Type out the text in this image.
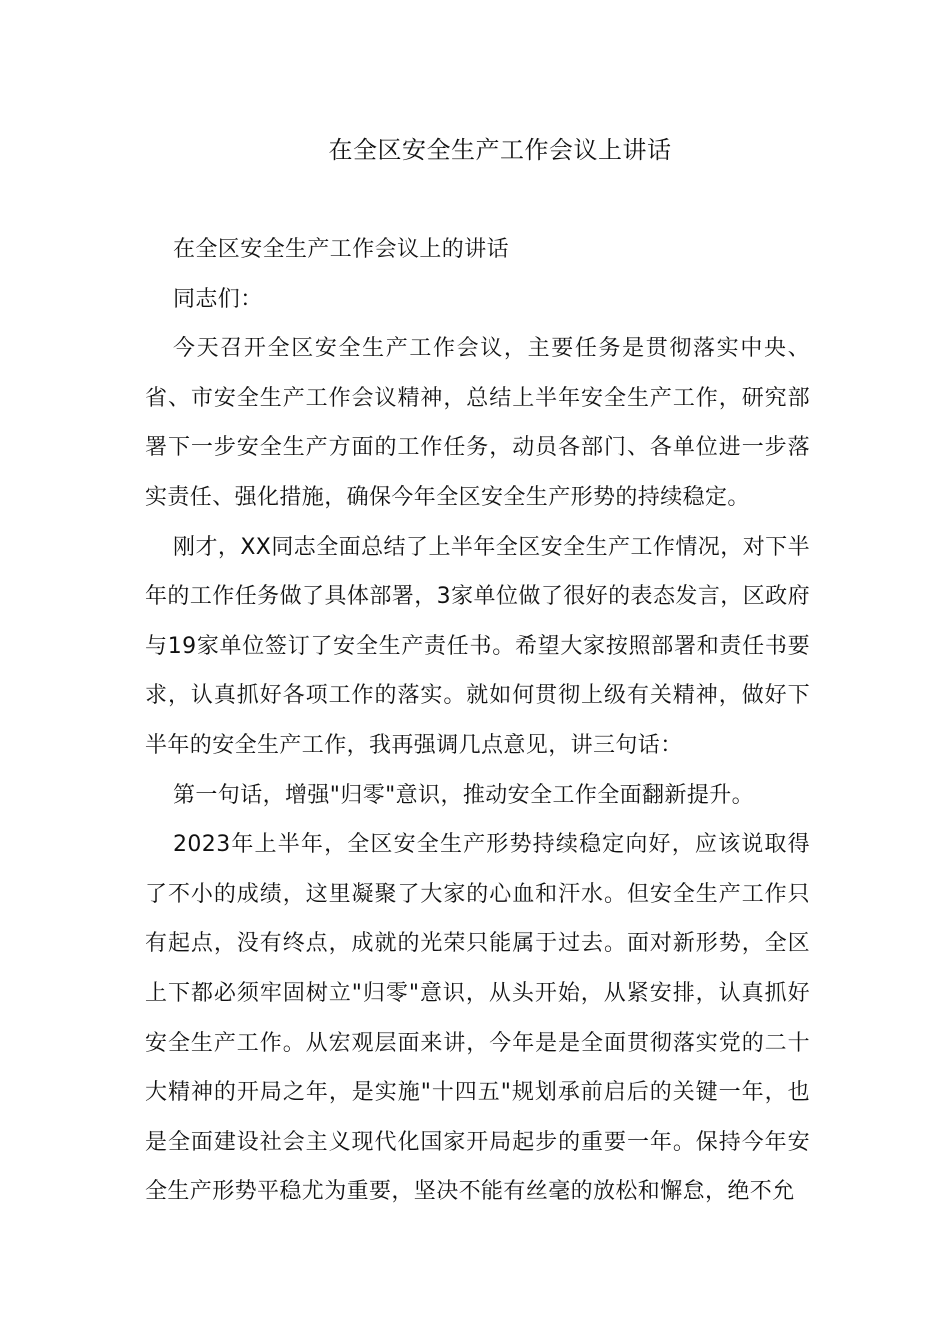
在全区安全生产工作会议上讲话

在全区安全生产工作会议上的讲话

同志们：

今天召开全区安全生产工作会议，主要任务是贯彻落实中央、省、市安全生产工作会议精神，总结上半年安全生产工作，研究部署下一步安全生产方面的工作任务，动员各部门、各单位进一步落实责任、强化措施，确保今年全区安全生产形势的持续稳定。

刚才，XX同志全面总结了上半年全区安全生产工作情况，对下半年的工作任务做了具体部署，3家单位做了很好的表态发言，区政府与19家单位签订了安全生产责任书。希望大家按照部署和责任书要求，认真抓好各项工作的落实。就如何贯彻上级有关精神，做好下半年的安全生产工作，我再强调几点意见，讲三句话：

第一句话，增强"归零"意识，推动安全工作全面翻新提升。

2023年上半年，全区安全生产形势持续稳定向好，应该说取得了不小的成绩，这里凝聚了大家的心血和汗水。但安全生产工作只有起点，没有终点，成就的光荣只能属于过去。面对新形势，全区上下都必须牢固树立"归零"意识，从头开始，从紧安排，认真抓好安全生产工作。从宏观层面来讲，今年是是全面贯彻落实党的二十大精神的开局之年，是实施"十四五"规划承前启后的关键一年，也是全面建设社会主义现代化国家开局起步的重要一年。保持今年安全生产形势平稳尤为重要，坚决不能有丝毫的放松和懈怠，绝不允
